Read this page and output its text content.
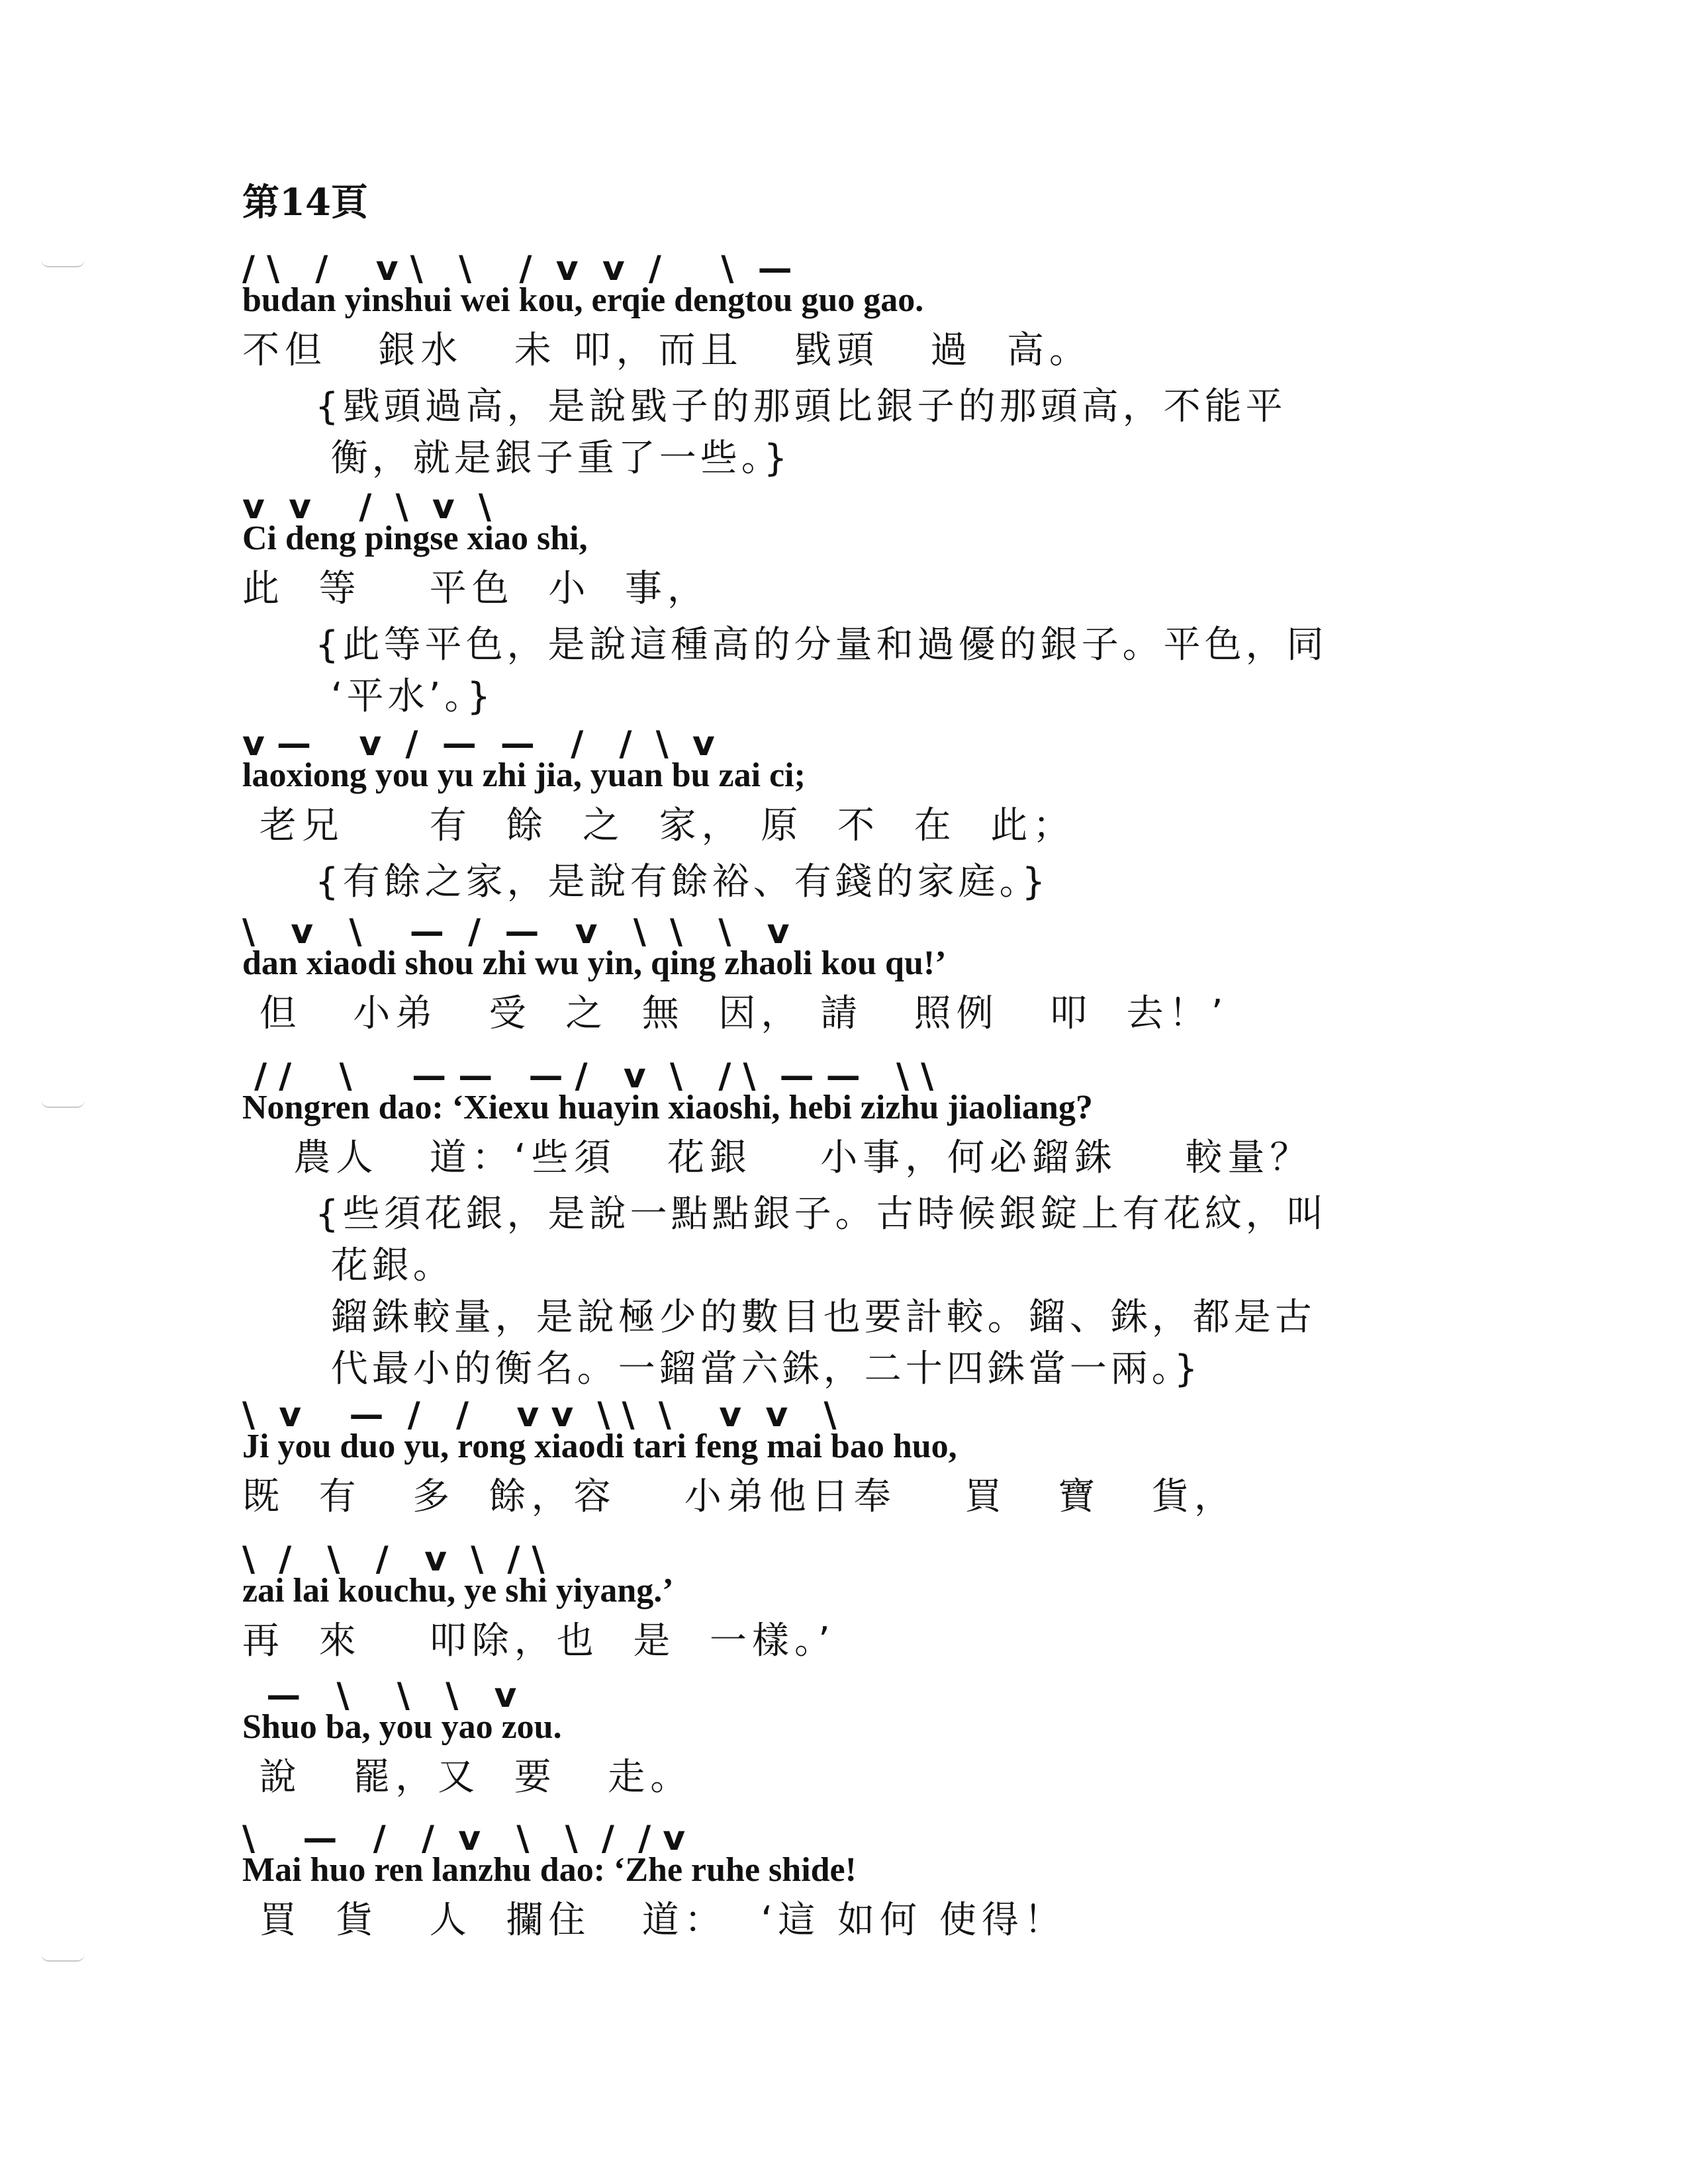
第14頁
/ \   /    v \   \    /  v  v  /     \  —
budan yinshui wei kou, erqie dengtou guo gao.
不但   銀水   未 叩，而且   戥頭   過  高。
{戥頭過高，是說戥子的那頭比銀子的那頭高，不能平
衡，就是銀子重了一些。}
v  v    /  \  v  \
Ci deng pingse xiao shi,
此  等    平色  小  事，
{此等平色，是說這種高的分量和過優的銀子。平色，同
‘平水’。}
v —    v  /  —  —   /   /  \  v
laoxiong you yu zhi jia, yuan bu zai ci;
老兄     有  餘  之  家， 原  不  在  此；
{有餘之家，是說有餘裕、有錢的家庭。}
\   v   \    —  /  —   v   \  \   \   v
dan xiaodi shou zhi wu yin, qing zhaoli kou qu!’
但   小弟   受  之  無  因， 請   照例   叩  去！’
/ /    \     — —   — /   v  \   / \  — —   \ \
Nongren dao: ‘Xiexu huayin xiaoshi, hebi zizhu jiaoliang?
農人   道：‘些須   花銀    小事，何必鎦銖    較量？
{些須花銀，是說一點點銀子。古時候銀錠上有花紋，叫
花銀。
鎦銖較量，是說極少的數目也要計較。鎦、銖，都是古
代最小的衡名。一鎦當六銖，二十四銖當一兩。}
\  v    —  /   /    v v  \ \  \    v  v   \
Ji you duo yu, rong xiaodi tari feng mai bao huo,
既  有   多  餘，容    小弟他日奉    買   寶   貨，
\  /   \   /   v  \  / \
zai lai kouchu, ye shi yiyang.’
再  來    叩除，也  是  一樣。’
—   \    \   \   v
Shuo ba, you yao zou.
說   罷，又  要   走。
\    —   /   /  v   \   \  /  / v
Mai huo ren lanzhu dao: ‘Zhe ruhe shide!
買  貨   人  攔住   道：  ‘這 如何 使得！
